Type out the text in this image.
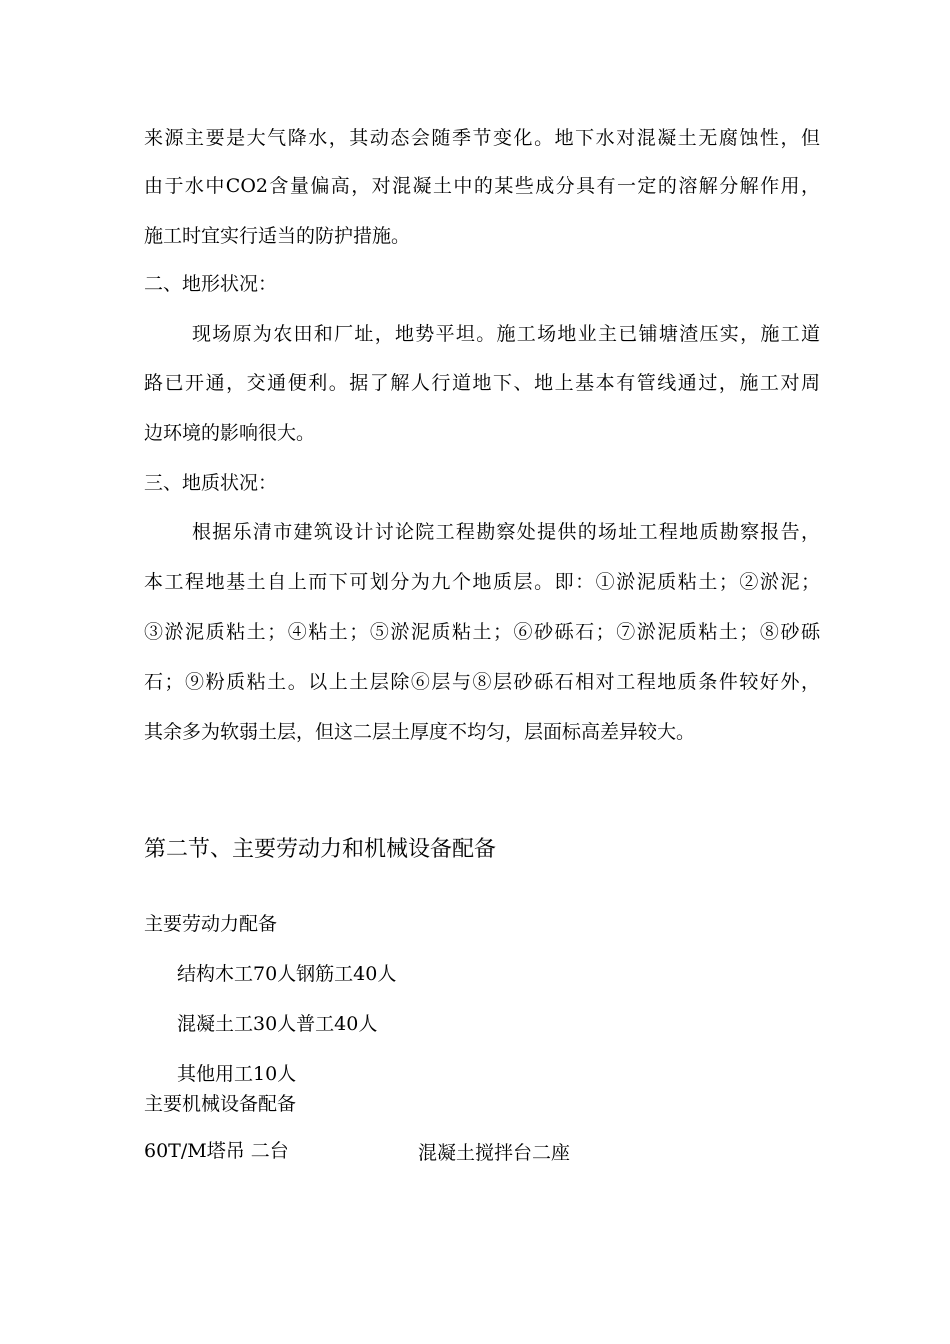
来源主要是大气降水，其动态会随季节变化。地下水对混凝土无腐蚀性，但
由于水中CO2含量偏高，对混凝土中的某些成分具有一定的溶解分解作用，
施工时宜实行适当的防护措施。
二、地形状况：
现场原为农田和厂址，地势平坦。施工场地业主已铺塘渣压实，施工道
路已开通，交通便利。据了解人行道地下、地上基本有管线通过，施工对周
边环境的影响很大。
三、地质状况：
根据乐清市建筑设计讨论院工程勘察处提供的场址工程地质勘察报告，
本工程地基土自上而下可划分为九个地质层。即：①淤泥质粘土；②淤泥；
③淤泥质粘土；④粘土；⑤淤泥质粘土；⑥砂砾石；⑦淤泥质粘土；⑧砂砾
石；⑨粉质粘土。以上土层除⑥层与⑧层砂砾石相对工程地质条件较好外，
其余多为软弱土层，但这二层土厚度不均匀，层面标高差异较大。
第二节、主要劳动力和机械设备配备
主要劳动力配备
结构木工70人钢筋工40人
混凝土工30人普工40人
其他用工10人
主要机械设备配备
60T/M塔吊 二台	混凝土搅拌台二座
